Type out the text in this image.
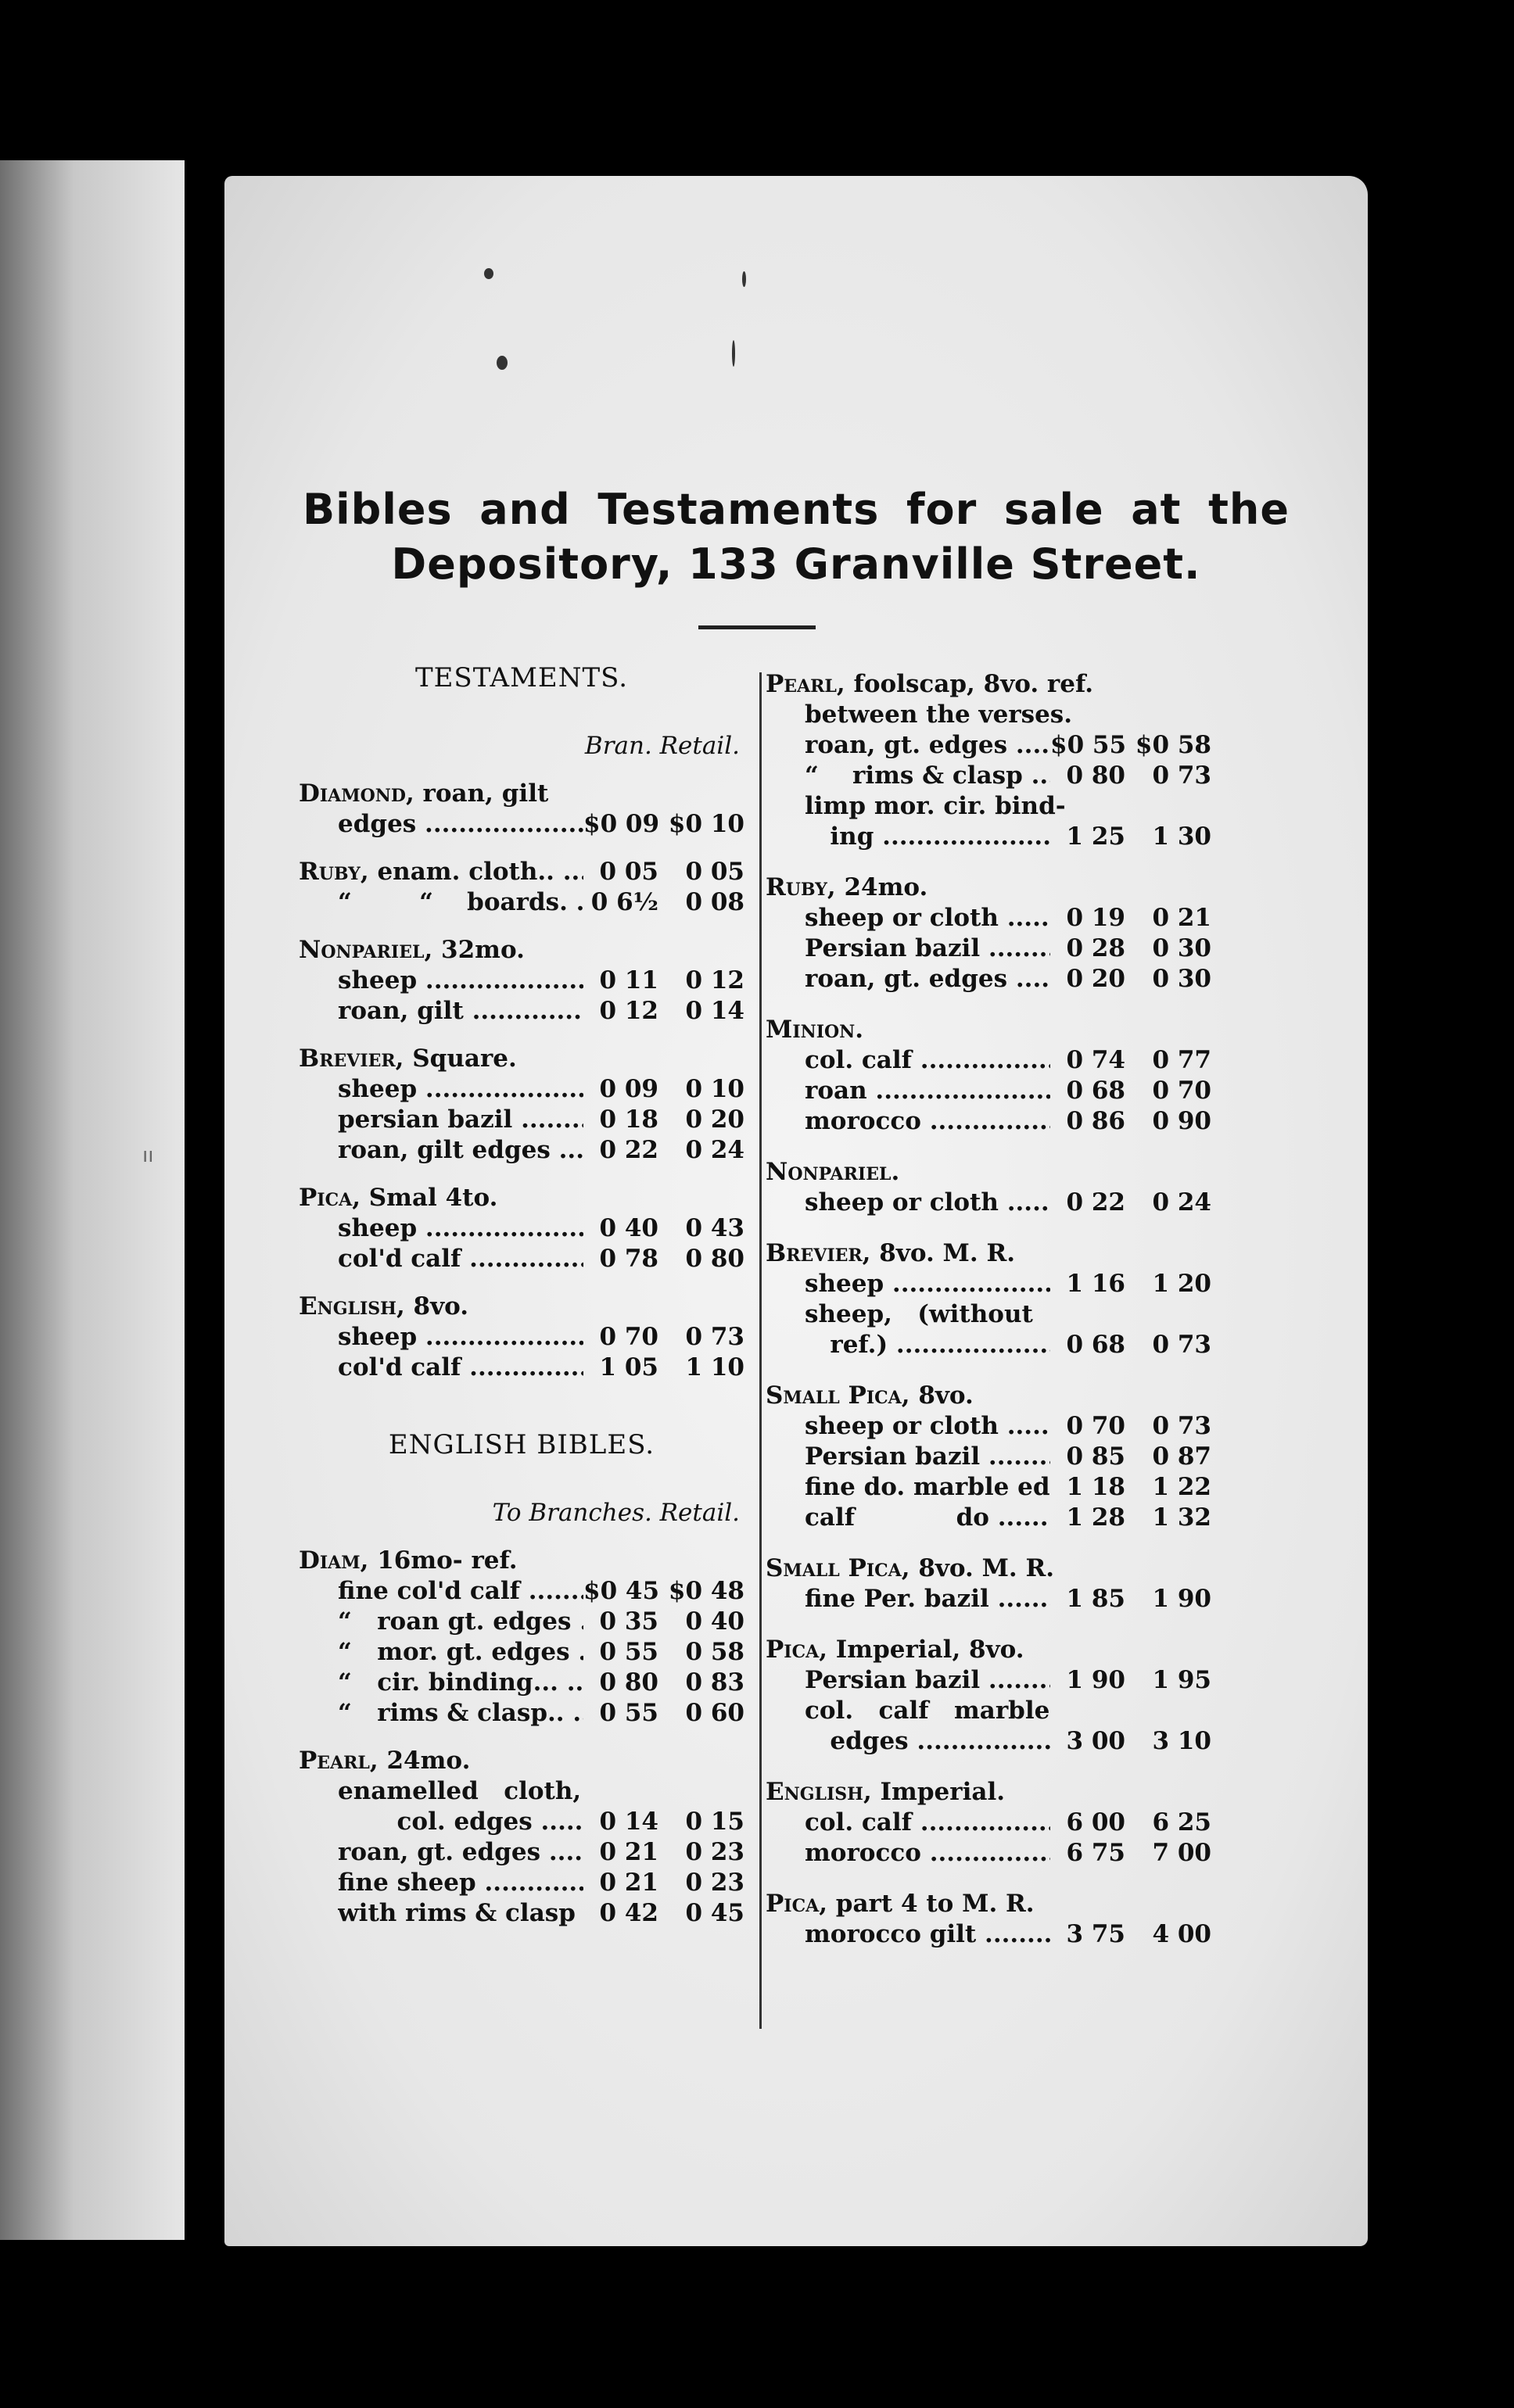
ıı
Bibles and Testaments for sale at the
Depository, 133 Granville Street.
TESTAMENTS.
Bran. Retail.
Diamond, roan, gilt
edges .....	$0 09 $0 10
Ruby, enam. cloth.. .....	0 05	0 05
“        “    boards. ..... 0 6½	0 08
Nonpariel, 32mo.
sheep .....	0 11	0 12
roan, gilt .....	0 12	0 14
Brevier, Square.
sheep .....	0 09	0 10
persian bazil .....	0 18	0 20
roan, gilt edges .....	0 22	0 24
Pica, Smal 4to.
sheep .....	0 40	0 43
col'd calf .....	0 78	0 80
English, 8vo.
sheep .....	0 70	0 73
col'd calf .....	1 05	1 10
ENGLISH BIBLES.
To Branches. Retail.
Diam, 16mo- ref.
fine col'd calf .....	$0 45 $0 48
“   roan gt. edges .....	0 35	0 40
“   mor. gt. edges .....	0 55	0 58
“   cir. binding... .....	0 80	0 83
“   rims & clasp.. .....	0 55	0 60
Pearl, 24mo.
enamelled   cloth,
col. edges .....	0 14	0 15
roan, gt. edges .....	0 21	0 23
fine sheep .....	0 21	0 23
with rims & clasp ..... 0 42	0 45
Pearl, foolscap, 8vo. ref.
between the verses.
roan, gt. edges .....	$0 55 $0 58
“    rims & clasp .....	0 80	0 73
limp mor. cir. bind-
ing .....	1 25	1 30
Ruby, 24mo.
sheep or cloth .....	0 19	0 21
Persian bazil .....	0 28	0 30
roan, gt. edges .....	0 20	0 30
Minion.
col. calf .....	0 74	0 77
roan .....	0 68	0 70
morocco .....	0 86	0 90
Nonpariel.
sheep or cloth .....	0 22	0 24
Brevier, 8vo. M. R.
sheep .....	1 16	1 20
sheep,   (without
ref.) .....	0 68	0 73
Small Pica, 8vo.
sheep or cloth .....	0 70	0 73
Persian bazil .....	0 85	0 87
fine do. marble ed ..... 1 18	1 22
calf            do .....	1 28	1 32
Small Pica, 8vo. M. R.
fine Per. bazil .....	1 85	1 90
Pica, Imperial, 8vo.
Persian bazil .....	1 90	1 95
col.   calf   marble
edges .....	3 00	3 10
English, Imperial.
col. calf .....	6 00	6 25
morocco .....	6 75	7 00
Pica, part 4 to M. R.
morocco gilt .....	3 75	4 00
